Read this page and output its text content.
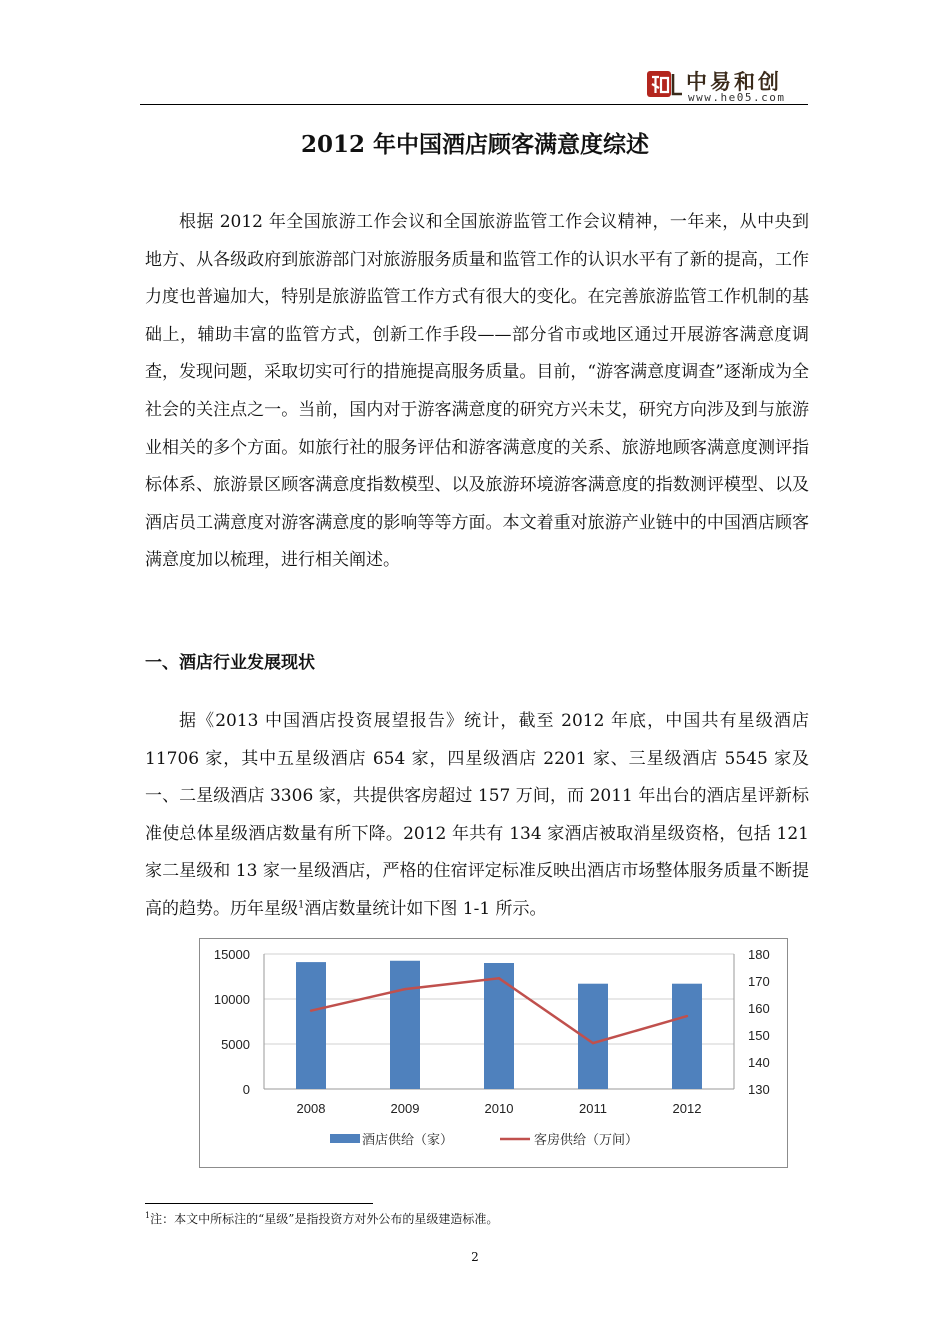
中易和创
www.he05.com
2012 年中国酒店顾客满意度综述

根据 2012 年全国旅游工作会议和全国旅游监管工作会议精神，一年来，从中央到地方、从各级政府到旅游部门对旅游服务质量和监管工作的认识水平有了新的提高，工作力度也普遍加大，特别是旅游监管工作方式有很大的变化。在完善旅游监管工作机制的基础上，辅助丰富的监管方式，创新工作手段——部分省市或地区通过开展游客满意度调查，发现问题，采取切实可行的措施提高服务质量。目前，“游客满意度调查”逐渐成为全社会的关注点之一。当前，国内对于游客满意度的研究方兴未艾，研究方向涉及到与旅游业相关的多个方面。如旅行社的服务评估和游客满意度的关系、旅游地顾客满意度测评指标体系、旅游景区顾客满意度指数模型、以及旅游环境游客满意度的指数测评模型、以及酒店员工满意度对游客满意度的影响等等方面。本文着重对旅游产业链中的中国酒店顾客满意度加以梳理，进行相关阐述。

一、酒店行业发展现状

据《2013 中国酒店投资展望报告》统计，截至 2012 年底，中国共有星级酒店 11706 家，其中五星级酒店 654 家，四星级酒店 2201 家、三星级酒店 5545 家及一、二星级酒店 3306 家，共提供客房超过 157 万间，而 2011 年出台的酒店星评新标准使总体星级酒店数量有所下降。2012 年共有 134 家酒店被取消星级资格，包括 121 家二星级和 13 家一星级酒店，严格的住宿评定标准反映出酒店市场整体服务质量不断提高的趋势。历年星级$^1$酒店数量统计如下图 1-1 所示。

0
5000
10000
15000
130
140
150
160
170
180
2008	2009	2010	2011	2012
酒店供给（家）	客房供给（万间）
$^1$注：本文中所标注的“星级”是指投资方对外公布的星级建造标准。
2
